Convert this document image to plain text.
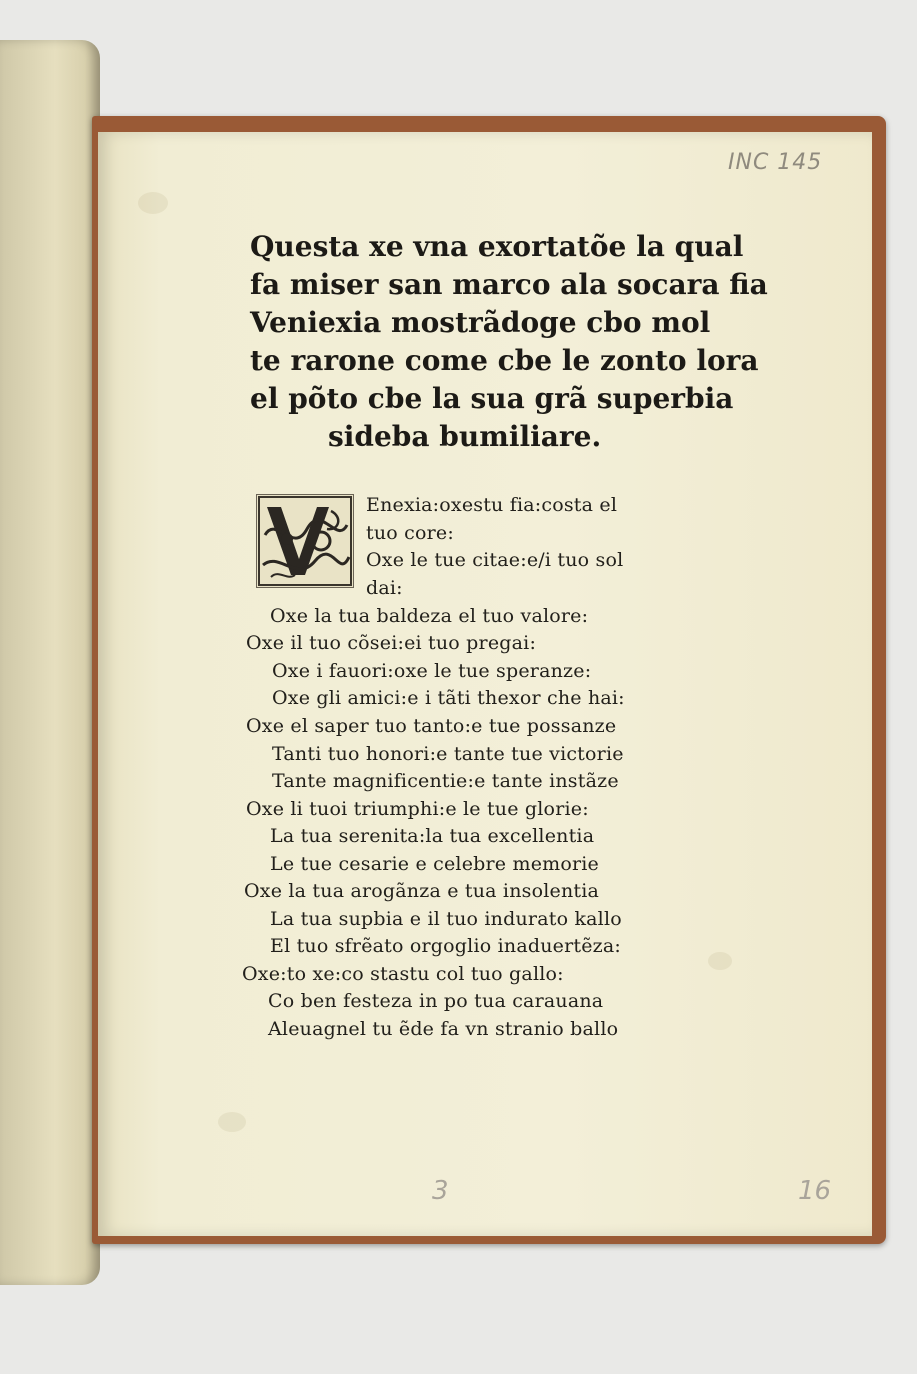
INC 145
Questa xe vna exortatõe la qual
fa miser san marco ala socara fia
Venie‍xia mostrãdoge cbo mol
te rarone come cbe le zonto lora
el põto cbe la sua grã superbia
sideba bumiliare.
Enexia:oxestu fia:costa el
tuo core:
Oxe le tue citae:e/i tuo sol
dai:
Oxe la tua baldeza el tuo valore:
Oxe il tuo cõsei:ei tuo pregai:
Oxe i fauori:oxe le tue speranze:
Oxe gli amici:e i tãti thexor che hai:
Oxe el saper tuo tanto:e tue possanze
Tanti tuo honori:e tante tue victorie
Tante magnificentie:e tante instãze
Oxe li tuoi triumphi:e le tue glorie:
La tua serenita:la tua excellentia
Le tue cesarie e celebre memorie
Oxe la tua arogãnza e tua insolentia
La tua supbia e il tuo indurato kallo
El tuo sfrẽato orgoglio inaduertẽza:
Oxe:to xe:co stastu col tuo gallo:
Co ben festeza in po tua carauana
Aleuagnel tu ẽde fa vn stranio ballo
3	16
